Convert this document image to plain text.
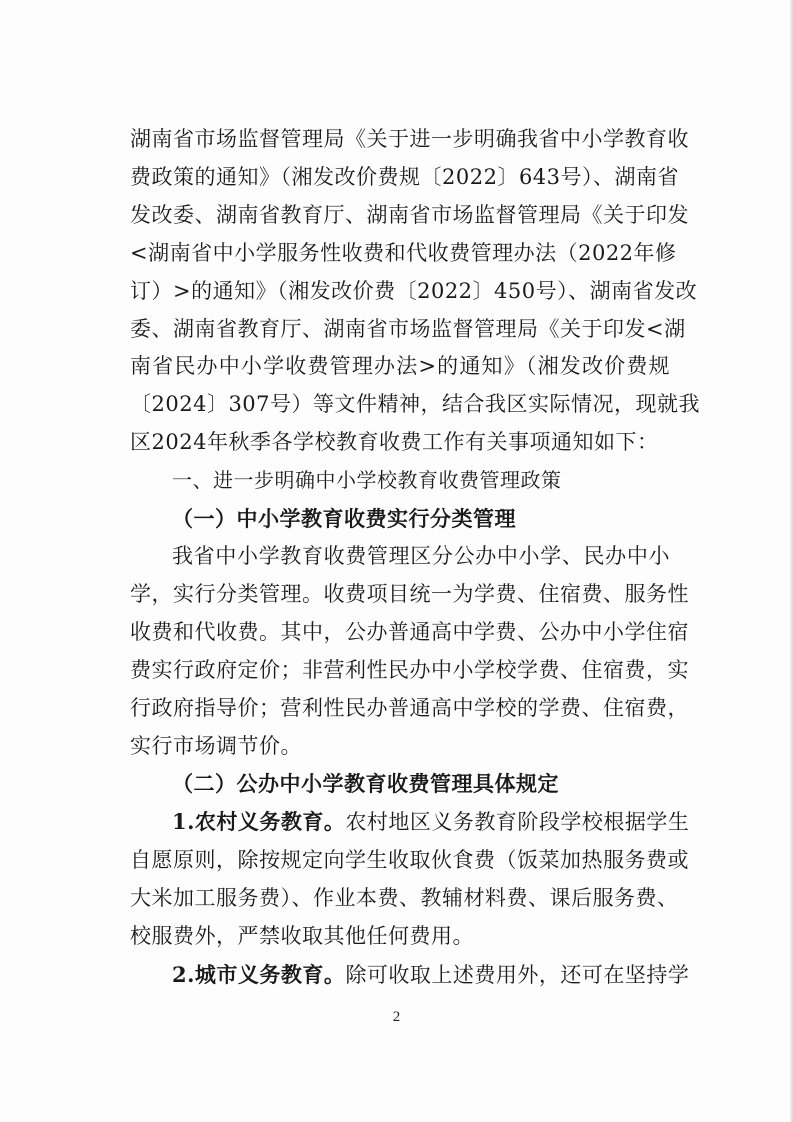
湖南省市场监督管理局《关于进一步明确我省中小学教育收
费政策的通知》（湘发改价费规〔2022〕643号）、湖南省
发改委、湖南省教育厅、湖南省市场监督管理局《关于印发
<湖南省中小学服务性收费和代收费管理办法（2022年修
订）>的通知》（湘发改价费〔2022〕450号）、湖南省发改
委、湖南省教育厅、湖南省市场监督管理局《关于印发<湖
南省民办中小学收费管理办法>的通知》（湘发改价费规
〔2024〕307号）等文件精神，结合我区实际情况，现就我
区2024年秋季各学校教育收费工作有关事项通知如下：
一、进一步明确中小学校教育收费管理政策
（一）中小学教育收费实行分类管理
我省中小学教育收费管理区分公办中小学、民办中小
学，实行分类管理。收费项目统一为学费、住宿费、服务性
收费和代收费。其中，公办普通高中学费、公办中小学住宿
费实行政府定价；非营利性民办中小学校学费、住宿费，实
行政府指导价；营利性民办普通高中学校的学费、住宿费，
实行市场调节价。
（二）公办中小学教育收费管理具体规定
1.农村义务教育。农村地区义务教育阶段学校根据学生
自愿原则，除按规定向学生收取伙食费（饭菜加热服务费或
大米加工服务费）、作业本费、教辅材料费、课后服务费、
校服费外，严禁收取其他任何费用。
2.城市义务教育。除可收取上述费用外，还可在坚持学
2
